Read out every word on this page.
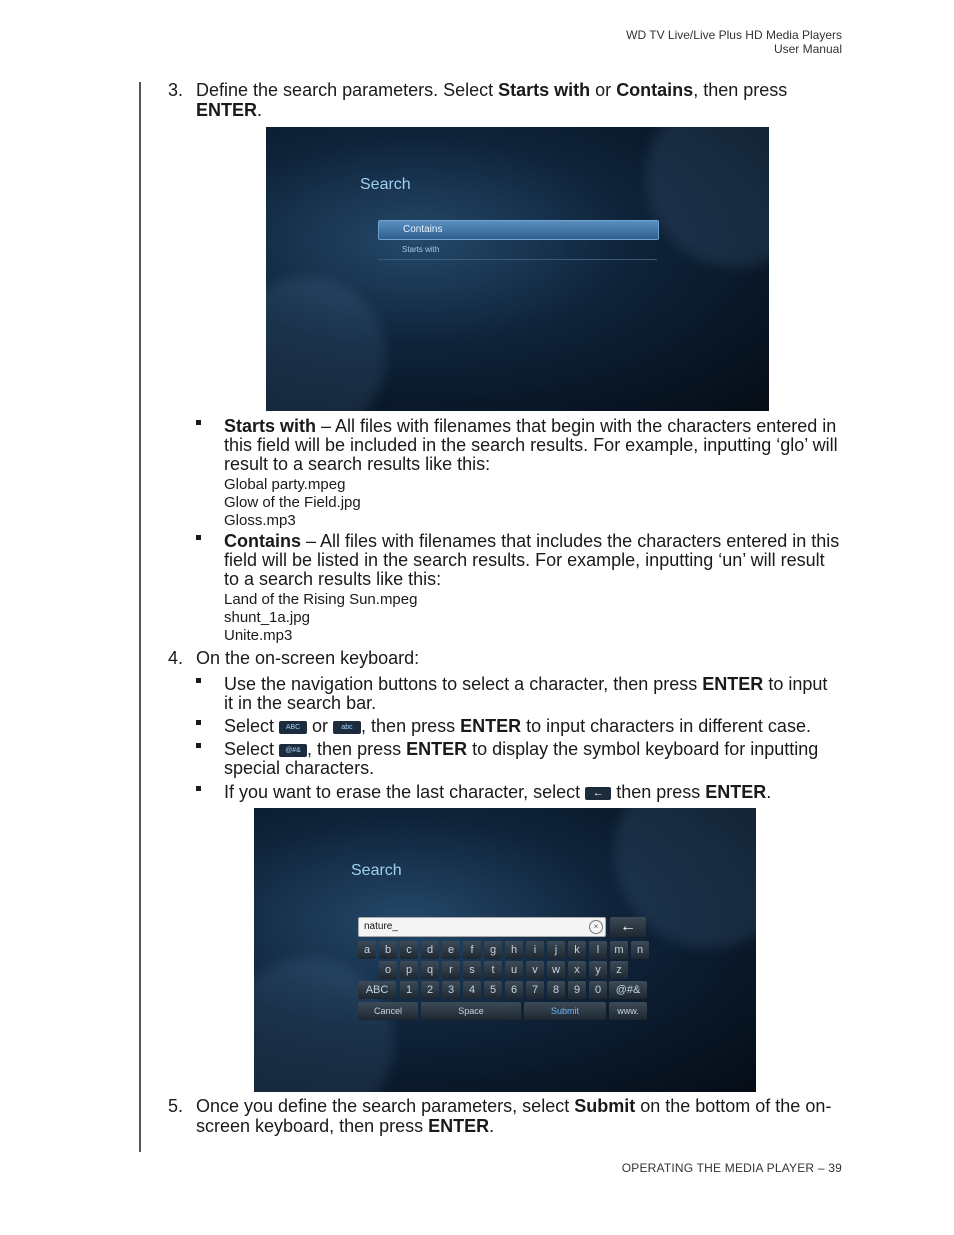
WD TV Live/Live Plus HD Media Players
User Manual
3. Define the search parameters. Select Starts with or Contains, then press ENTER.
Search
Contains
Starts with
Starts with – All files with filenames that begin with the characters entered in this field will be included in the search results. For example, inputting ‘glo’ will result to a search results like this:
Global party.mpeg
Glow of the Field.jpg
Gloss.mp3
Contains – All files with filenames that includes the characters entered in this field will be listed in the search results. For example, inputting ‘un’ will result to a search results like this:
Land of the Rising Sun.mpeg
shunt_1a.jpg
Unite.mp3
4. On the on-screen keyboard:
Use the navigation buttons to select a character, then press ENTER to input it in the search bar.
Select ABC or abc , then press ENTER to input characters in different case.
Select @#& , then press ENTER to display the symbol keyboard for inputting special characters.
If you want to erase the last character, select ← then press ENTER.
Search
nature_	×	←
a	b	c	d	e	f	g	h	i	j	k	l	m	n
o	p	q	r	s	t	u	v	w	x	y	z
1	2	3	4	5	6	7	8	9	0
ABC	@#&
Cancel	Space	Submit	www.
5. Once you define the search parameters, select Submit on the bottom of the on-screen keyboard, then press ENTER.
OPERATING THE MEDIA PLAYER – 39
